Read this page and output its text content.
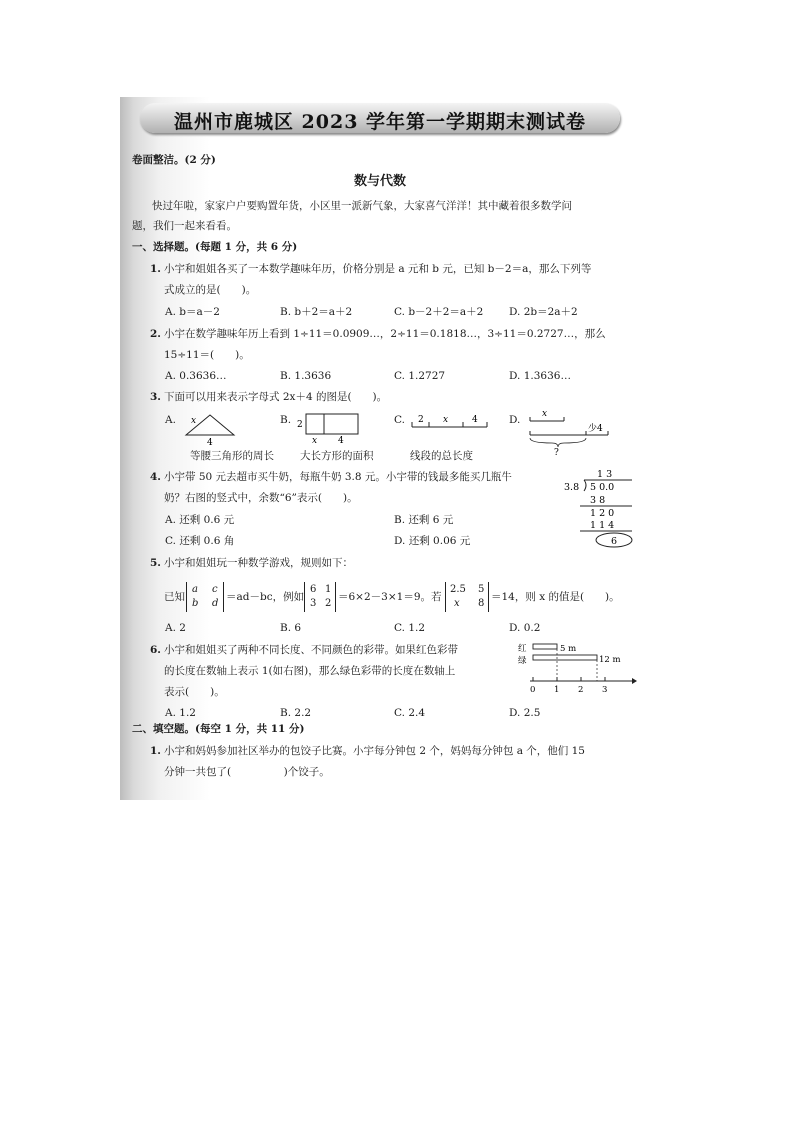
温州市鹿城区 2023 学年第一学期期末测试卷
卷面整洁。(2 分)
数与代数
快过年啦，家家户户要购置年货，小区里一派新气象，大家喜气洋洋！其中藏着很多数学问
题，我们一起来看看。
一、选择题。(每题 1 分，共 6 分)
1. 小宇和姐姐各买了一本数学趣味年历，价格分别是 a 元和 b 元，已知 b－2＝a，那么下列等
式成立的是(　　)。
A. b＝a－2	B. b＋2＝a＋2	C. b－2＋2＝a＋2 D. 2b＝2a＋2
2. 小宇在数学趣味年历上看到 1÷11＝0.0909…，2÷11＝0.1818…，3÷11＝0.2727…，那么
15÷11＝(　　)。
A. 0.3636…	B. 1.3636	C. 1.2727	D. 1.3636…
3. 下面可以用来表示字母式 2x＋4 的图是(　　)。
A. x
4
B. 2
x 4
C. 2 x	4	D. x
少4
?
等腰三角形的周长 大长方形的面积	线段的总长度
4. 小宇带 50 元去超市买牛奶，每瓶牛奶 3.8 元。小宇带的钱最多能买几瓶牛
奶？右图的竖式中，余数“6”表示(　　)。
A. 还剩 0.6 元	B. 还剩 6 元
C. 还剩 0.6 角	D. 还剩 0.06 元
1 3
3.8 5 0.0
3 8
1 2 0
1 1 4
6
5. 小宇和姐姐玩一种数学游戏，规则如下：
已知
a c
b d
＝ad－bc，例如
6 1
3 2
＝6×2－3×1＝9。若
2.5 5
x 8
＝14，则 x 的值是(　　)。
A. 2	B. 6	C. 1.2	D. 0.2
6. 小宇和姐姐买了两种不同长度、不同颜色的彩带。如果红色彩带
的长度在数轴上表示 1(如右图)，那么绿色彩带的长度在数轴上
表示(　　)。
A. 1.2	B. 2.2	C. 2.4	D. 2.5
红
绿
5 m
12 m
0 1 2 3
二、填空题。(每空 1 分，共 11 分)
1. 小宇和妈妈参加社区举办的包饺子比赛。小宇每分钟包 2 个，妈妈每分钟包 a 个，他们 15
分钟一共包了(　　　　　)个饺子。
